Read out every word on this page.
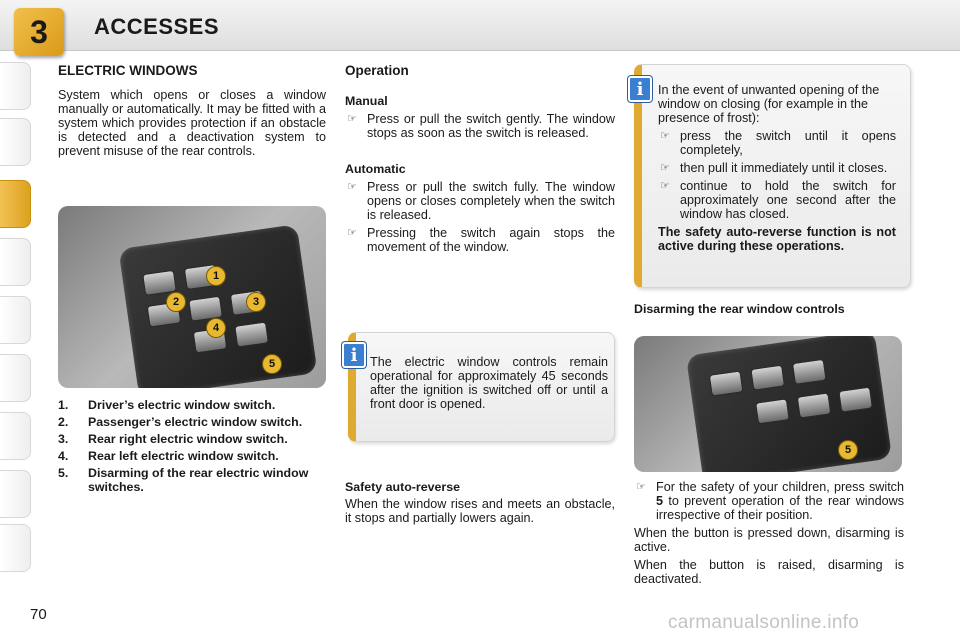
3	ACCESSES
ELECTRIC WINDOWS

System which opens or closes a window manually or automatically. It may be fitted with a system which provides protection if an obstacle is detected and a deactivation system to prevent misuse of the rear controls.

1
2	3
4
5
1. Driver’s electric window switch.
2. Passenger’s electric window switch.
3. Rear right electric window switch.
4. Rear left electric window switch.
5. Disarming of the rear electric window switches.
Operation

Manual

☞ Press or pull the switch gently. The window stops as soon as the switch is released.

Automatic

☞ Press or pull the switch fully. The window opens or closes completely when the switch is released.

☞ Pressing the switch again stops the movement of the window.

The electric window controls remain operational for approximately 45 seconds after the ignition is switched off or until a front door is opened.

i

Safety auto-reverse

When the window rises and meets an obstacle, it stops and partially lowers again.

In the event of unwanted opening of the window on closing (for example in the presence of frost):

☞ press the switch until it opens completely,

☞ then pull it immediately until it closes.

☞ continue to hold the switch for approximately one second after the window has closed.

The safety auto-reverse function is not active during these operations.

i

Disarming the rear window controls

5

☞ For the safety of your children, press switch 5 to prevent operation of the rear windows irrespective of their position.

When the button is pressed down, disarming is active.

When the button is raised, disarming is deactivated.

70	carmanualsonline.info
